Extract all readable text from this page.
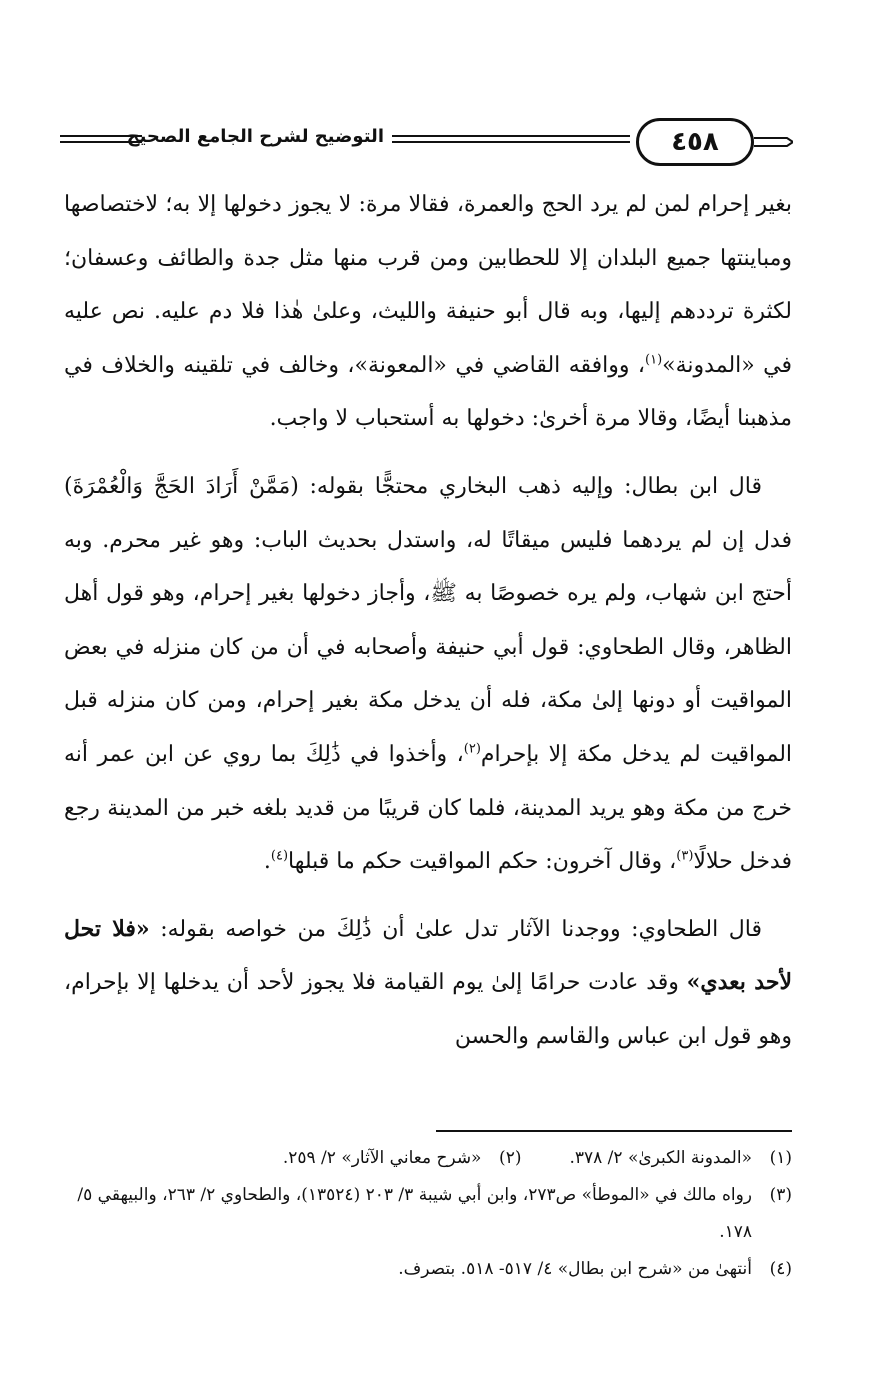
التوضيح لشرح الجامع الصحيح	٤٥٨

بغير إحرام لمن لم يرد الحج والعمرة، فقالا مرة: لا يجوز دخولها إلا به؛ لاختصاصها ومباينتها جميع البلدان إلا للحطابين ومن قرب منها مثل جدة والطائف وعسفان؛ لكثرة ترددهم إليها، وبه قال أبو حنيفة والليث، وعلىٰ هٰذا فلا دم عليه. نص عليه في «المدونة»$^{(١)}$، ووافقه القاضي في «المعونة»، وخالف في تلقينه والخلاف في مذهبنا أيضًا، وقالا مرة أخرىٰ: دخولها به أستحباب لا واجب.

قال ابن بطال: وإليه ذهب البخاري محتجًّا بقوله: (مَمَّنْ أَرَادَ الحَجَّ وَالْعُمْرَةَ) فدل إن لم يردهما فليس ميقاتًا له، واستدل بحديث الباب: وهو غير محرم. وبه أحتج ابن شهاب، ولم يره خصوصًا به ﷺ، وأجاز دخولها بغير إحرام، وهو قول أهل الظاهر، وقال الطحاوي: قول أبي حنيفة وأصحابه في أن من كان منزله في بعض المواقيت أو دونها إلىٰ مكة، فله أن يدخل مكة بغير إحرام، ومن كان منزله قبل المواقيت لم يدخل مكة إلا بإحرام$^{(٢)}$، وأخذوا في ذَٰلِكَ بما روي عن ابن عمر أنه خرج من مكة وهو يريد المدينة، فلما كان قريبًا من قديد بلغه خبر من المدينة رجع فدخل حلالًا$^{(٣)}$، وقال آخرون: حكم المواقيت حكم ما قبلها$^{(٤)}$.

قال الطحاوي: ووجدنا الآثار تدل علىٰ أن ذَٰلِكَ من خواصه بقوله: «فلا تحل لأحد بعدي» وقد عادت حرامًا إلىٰ يوم القيامة فلا يجوز لأحد أن يدخلها إلا بإحرام، وهو قول ابن عباس والقاسم والحسن

(١)
«المدونة الكبرىٰ» ٢/ ٣٧٨.
(٢)
«شرح معاني الآثار» ٢/ ٢٥٩.
(٣)
رواه مالك في «الموطأ» ص٢٧٣، وابن أبي شيبة ٣/ ٢٠٣ (١٣٥٢٤)، والطحاوي ٢/ ٢٦٣، والبيهقي ٥/ ١٧٨.
(٤)
أنتهىٰ من «شرح ابن بطال» ٤/ ٥١٧- ٥١٨. بتصرف.
